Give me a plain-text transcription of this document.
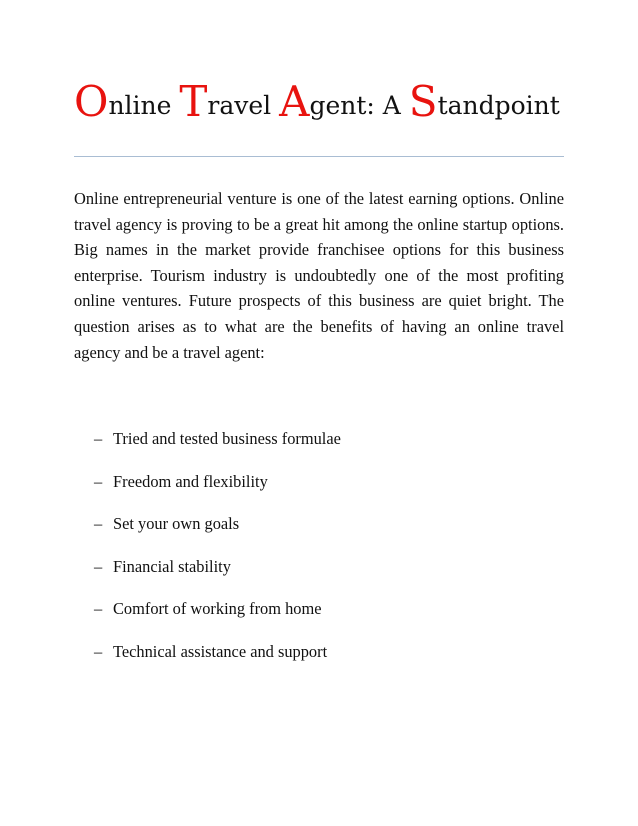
Online Travel Agent: A Standpoint

Online entrepreneurial venture is one of the latest earning options. Online travel agency is proving to be a great hit among the online startup options. Big names in the market provide franchisee options for this business enterprise. Tourism industry is undoubtedly one of the most profiting online ventures. Future prospects of this business are quiet bright. The question arises as to what are the benefits of having an online travel agency and be a travel agent:

– Tried and tested business formulae
– Freedom and flexibility
– Set your own goals
– Financial stability
– Comfort of working from home
– Technical assistance and support
